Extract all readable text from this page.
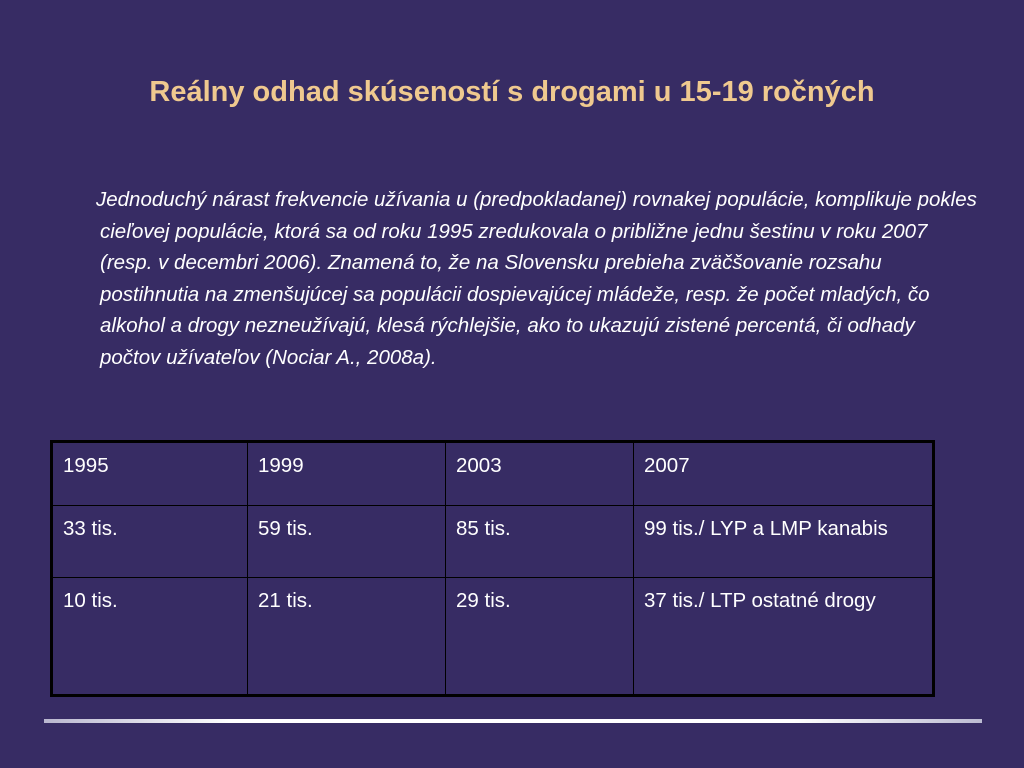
Reálny odhad skúseností s drogami u 15-19 ročných

Jednoduchý nárast frekvencie užívania u (predpokladanej) rovnakej populácie, komplikuje pokles cieľovej populácie, ktorá sa od roku 1995 zredukovala o približne jednu šestinu v roku 2007 (resp. v decembri 2006). Znamená to, že na Slovensku prebieha zväčšovanie rozsahu postihnutia na zmenšujúcej sa populácii dospievajúcej mládeže, resp. že počet mladých, čo alkohol a drogy nezneužívajú, klesá rýchlejšie, ako to ukazujú zistené percentá, či odhady počtov užívateľov (Nociar A., 2008a).

1995	1999	2003	2007
33 tis.	59 tis.	85 tis.	99 tis./ LYP a LMP kanabis
10 tis.	21 tis.	29 tis.	37 tis./ LTP ostatné drogy
